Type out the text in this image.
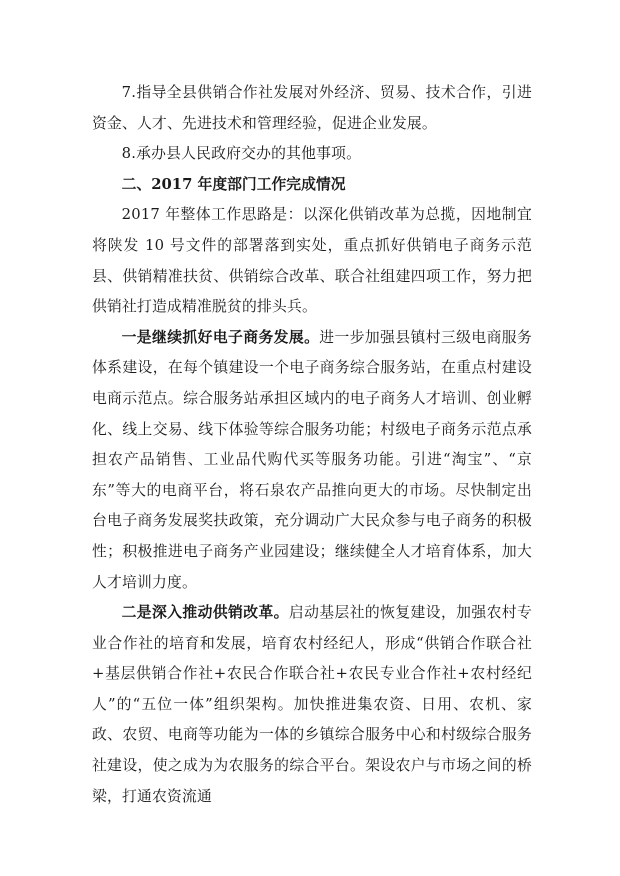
7.指导全县供销合作社发展对外经济、贸易、技术合作，引进资金、人才、先进技术和管理经验，促进企业发展。

8.承办县人民政府交办的其他事项。

二、2017 年度部门工作完成情况

2017 年整体工作思路是：以深化供销改革为总揽，因地制宜将陕发 10 号文件的部署落到实处，重点抓好供销电子商务示范县、供销精准扶贫、供销综合改革、联合社组建四项工作，努力把供销社打造成精准脱贫的排头兵。

一是继续抓好电子商务发展。进一步加强县镇村三级电商服务体系建设，在每个镇建设一个电子商务综合服务站，在重点村建设电商示范点。综合服务站承担区域内的电子商务人才培训、创业孵化、线上交易、线下体验等综合服务功能；村级电子商务示范点承担农产品销售、工业品代购代买等服务功能。引进“淘宝”、“京东”等大的电商平台，将石泉农产品推向更大的市场。尽快制定出台电子商务发展奖扶政策，充分调动广大民众参与电子商务的积极性；积极推进电子商务产业园建设；继续健全人才培育体系，加大人才培训力度。

二是深入推动供销改革。启动基层社的恢复建设，加强农村专业合作社的培育和发展，培育农村经纪人，形成“供销合作联合社+基层供销合作社+农民合作联合社+农民专业合作社+农村经纪人”的“五位一体”组织架构。加快推进集农资、日用、农机、家政、农贸、电商等功能为一体的乡镇综合服务中心和村级综合服务社建设，使之成为为农服务的综合平台。架设农户与市场之间的桥梁，打通农资流通
